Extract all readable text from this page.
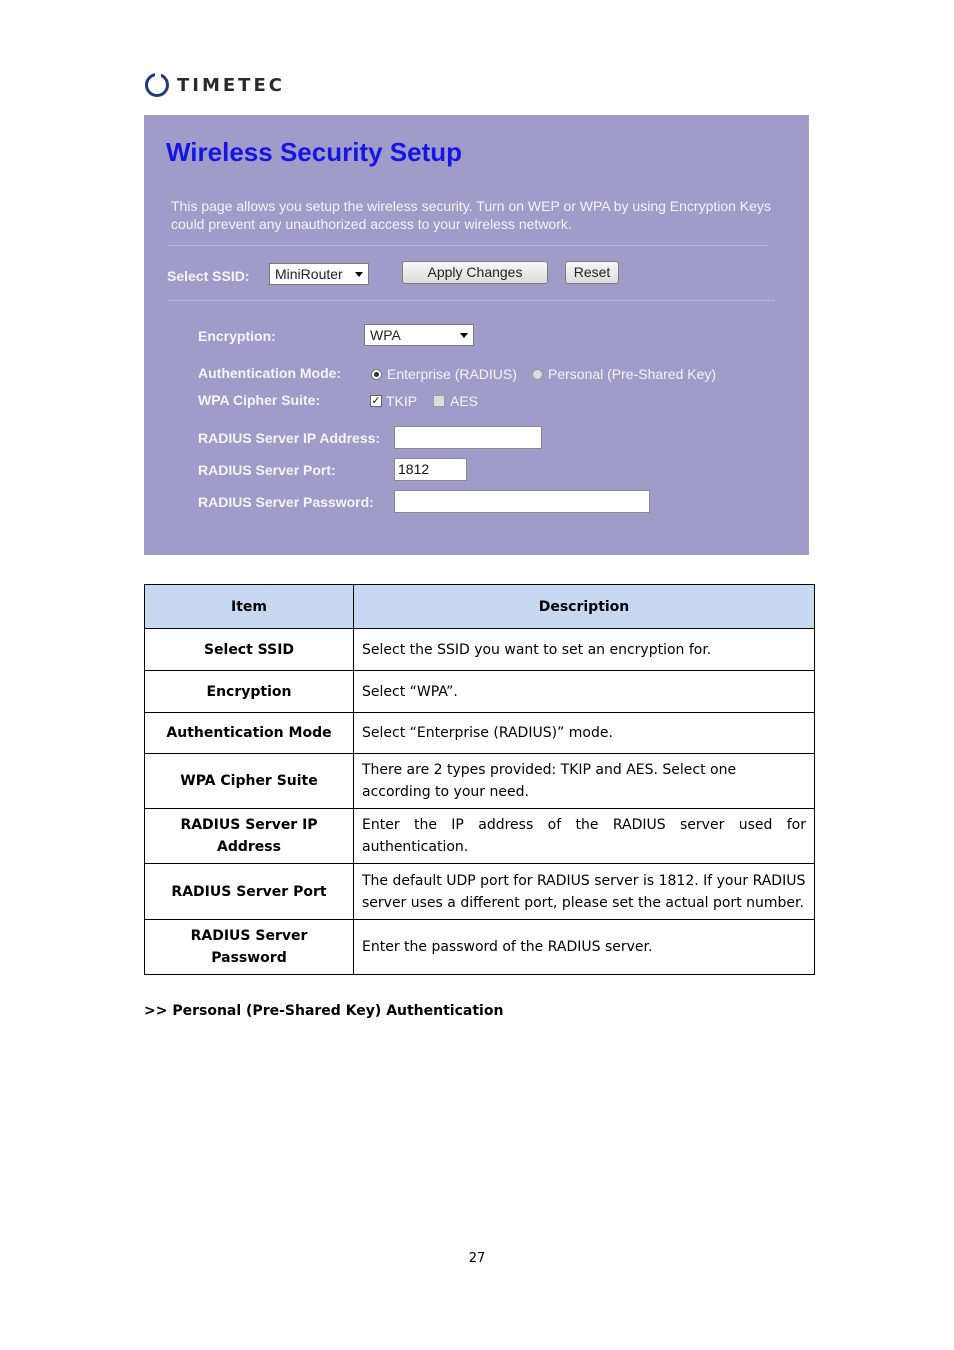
TIMETEC
Wireless Security Setup
This page allows you setup the wireless security. Turn on WEP or WPA by using Encryption Keys could prevent any unauthorized access to your wireless network.
Select SSID:	MiniRouter	Apply Changes	Reset
Encryption:	WPA
Authentication Mode:	Enterprise (RADIUS) Personal (Pre-Shared Key)
WPA Cipher Suite:	✓ TKIP AES
RADIUS Server IP Address:
RADIUS Server Port:	1812
RADIUS Server Password:
Item	Description
Select SSID	Select the SSID you want to set an encryption for.
Encryption	Select “WPA”.
Authentication Mode	Select “Enterprise (RADIUS)” mode.
WPA Cipher Suite	There are 2 types provided: TKIP and AES. Select one according to your need.
RADIUS Server IP Address	Enter the IP address of the RADIUS server used for
authentication.

RADIUS Server Port	The default UDP port for RADIUS server is 1812. If your RADIUS server uses a different port, please set the actual port number.
RADIUS Server Password	Enter the password of the RADIUS server.
>> Personal (Pre-Shared Key) Authentication
27
